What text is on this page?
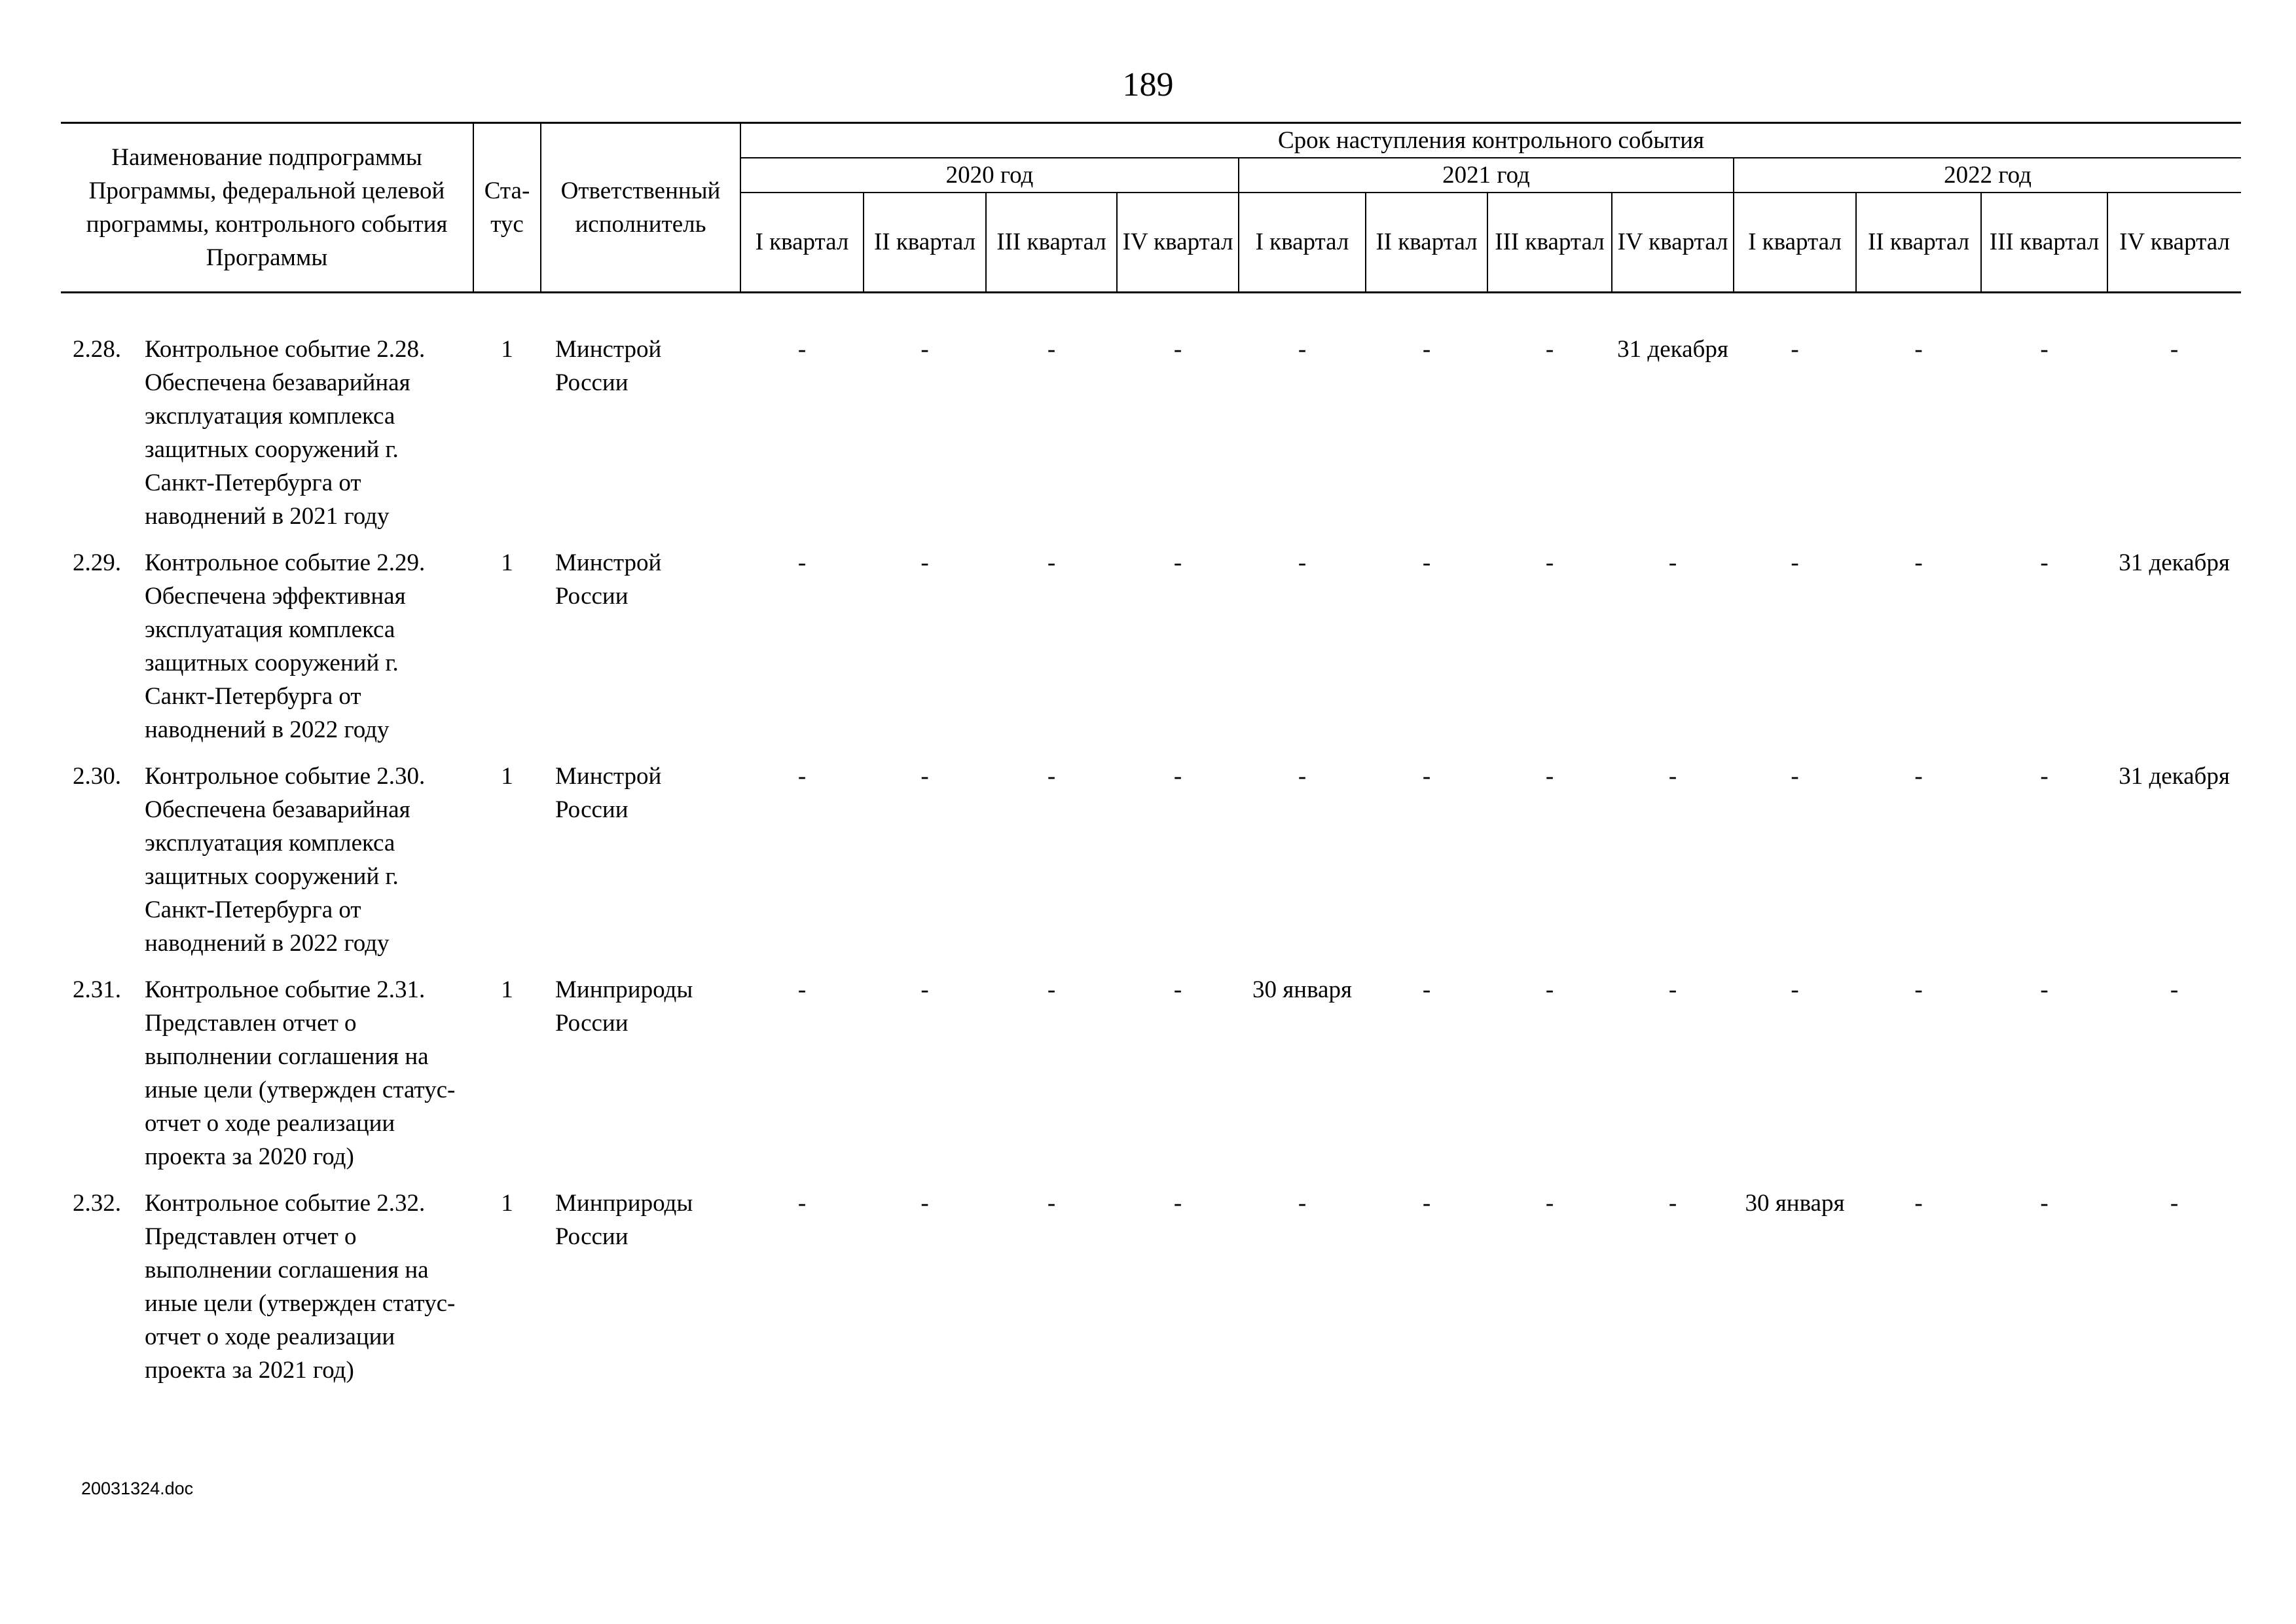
189
Наименование подпрограммы Программы, федеральной целевой программы, контрольного события Программы	Ста-тус	Ответственный исполнитель	Срок наступления контрольного события											
			2020 год				2021 год				2022 год			
			I квартал	II квартал	III квартал	IV квартал	I квартал	II квартал	III квартал	IV квартал	I квартал	II квартал	III квартал	IV квартал

2.28. Контрольное событие 2.28. Обеспечена безаварийная эксплуатация комплекса защитных сооружений г. Санкт-Петербурга от наводнений в 2021 году	1	Минстрой России	-	-	-	-	-	-	-	31 декабря	-	-	-	-

2.29. Контрольное событие 2.29. Обеспечена эффективная эксплуатация комплекса защитных сооружений г. Санкт-Петербурга от наводнений в 2022 году	1	Минстрой России	-	-	-	-	-	-	-	-	-	-	-	31 декабря

2.30. Контрольное событие 2.30. Обеспечена безаварийная эксплуатация комплекса защитных сооружений г. Санкт-Петербурга от наводнений в 2022 году	1	Минстрой России	-	-	-	-	-	-	-	-	-	-	-	31 декабря

2.31. Контрольное событие 2.31. Представлен отчет о выполнении соглашения на иные цели (утвержден статус-отчет о ходе реализации проекта за 2020 год)	1	Минприроды России	-	-	-	-	30 января	-	-	-	-	-	-	-

2.32. Контрольное событие 2.32. Представлен отчет о выполнении соглашения на иные цели (утвержден статус-отчет о ходе реализации проекта за 2021 год)	1	Минприроды России	-	-	-	-	-	-	-	-	30 января	-	-	-
20031324.doc
